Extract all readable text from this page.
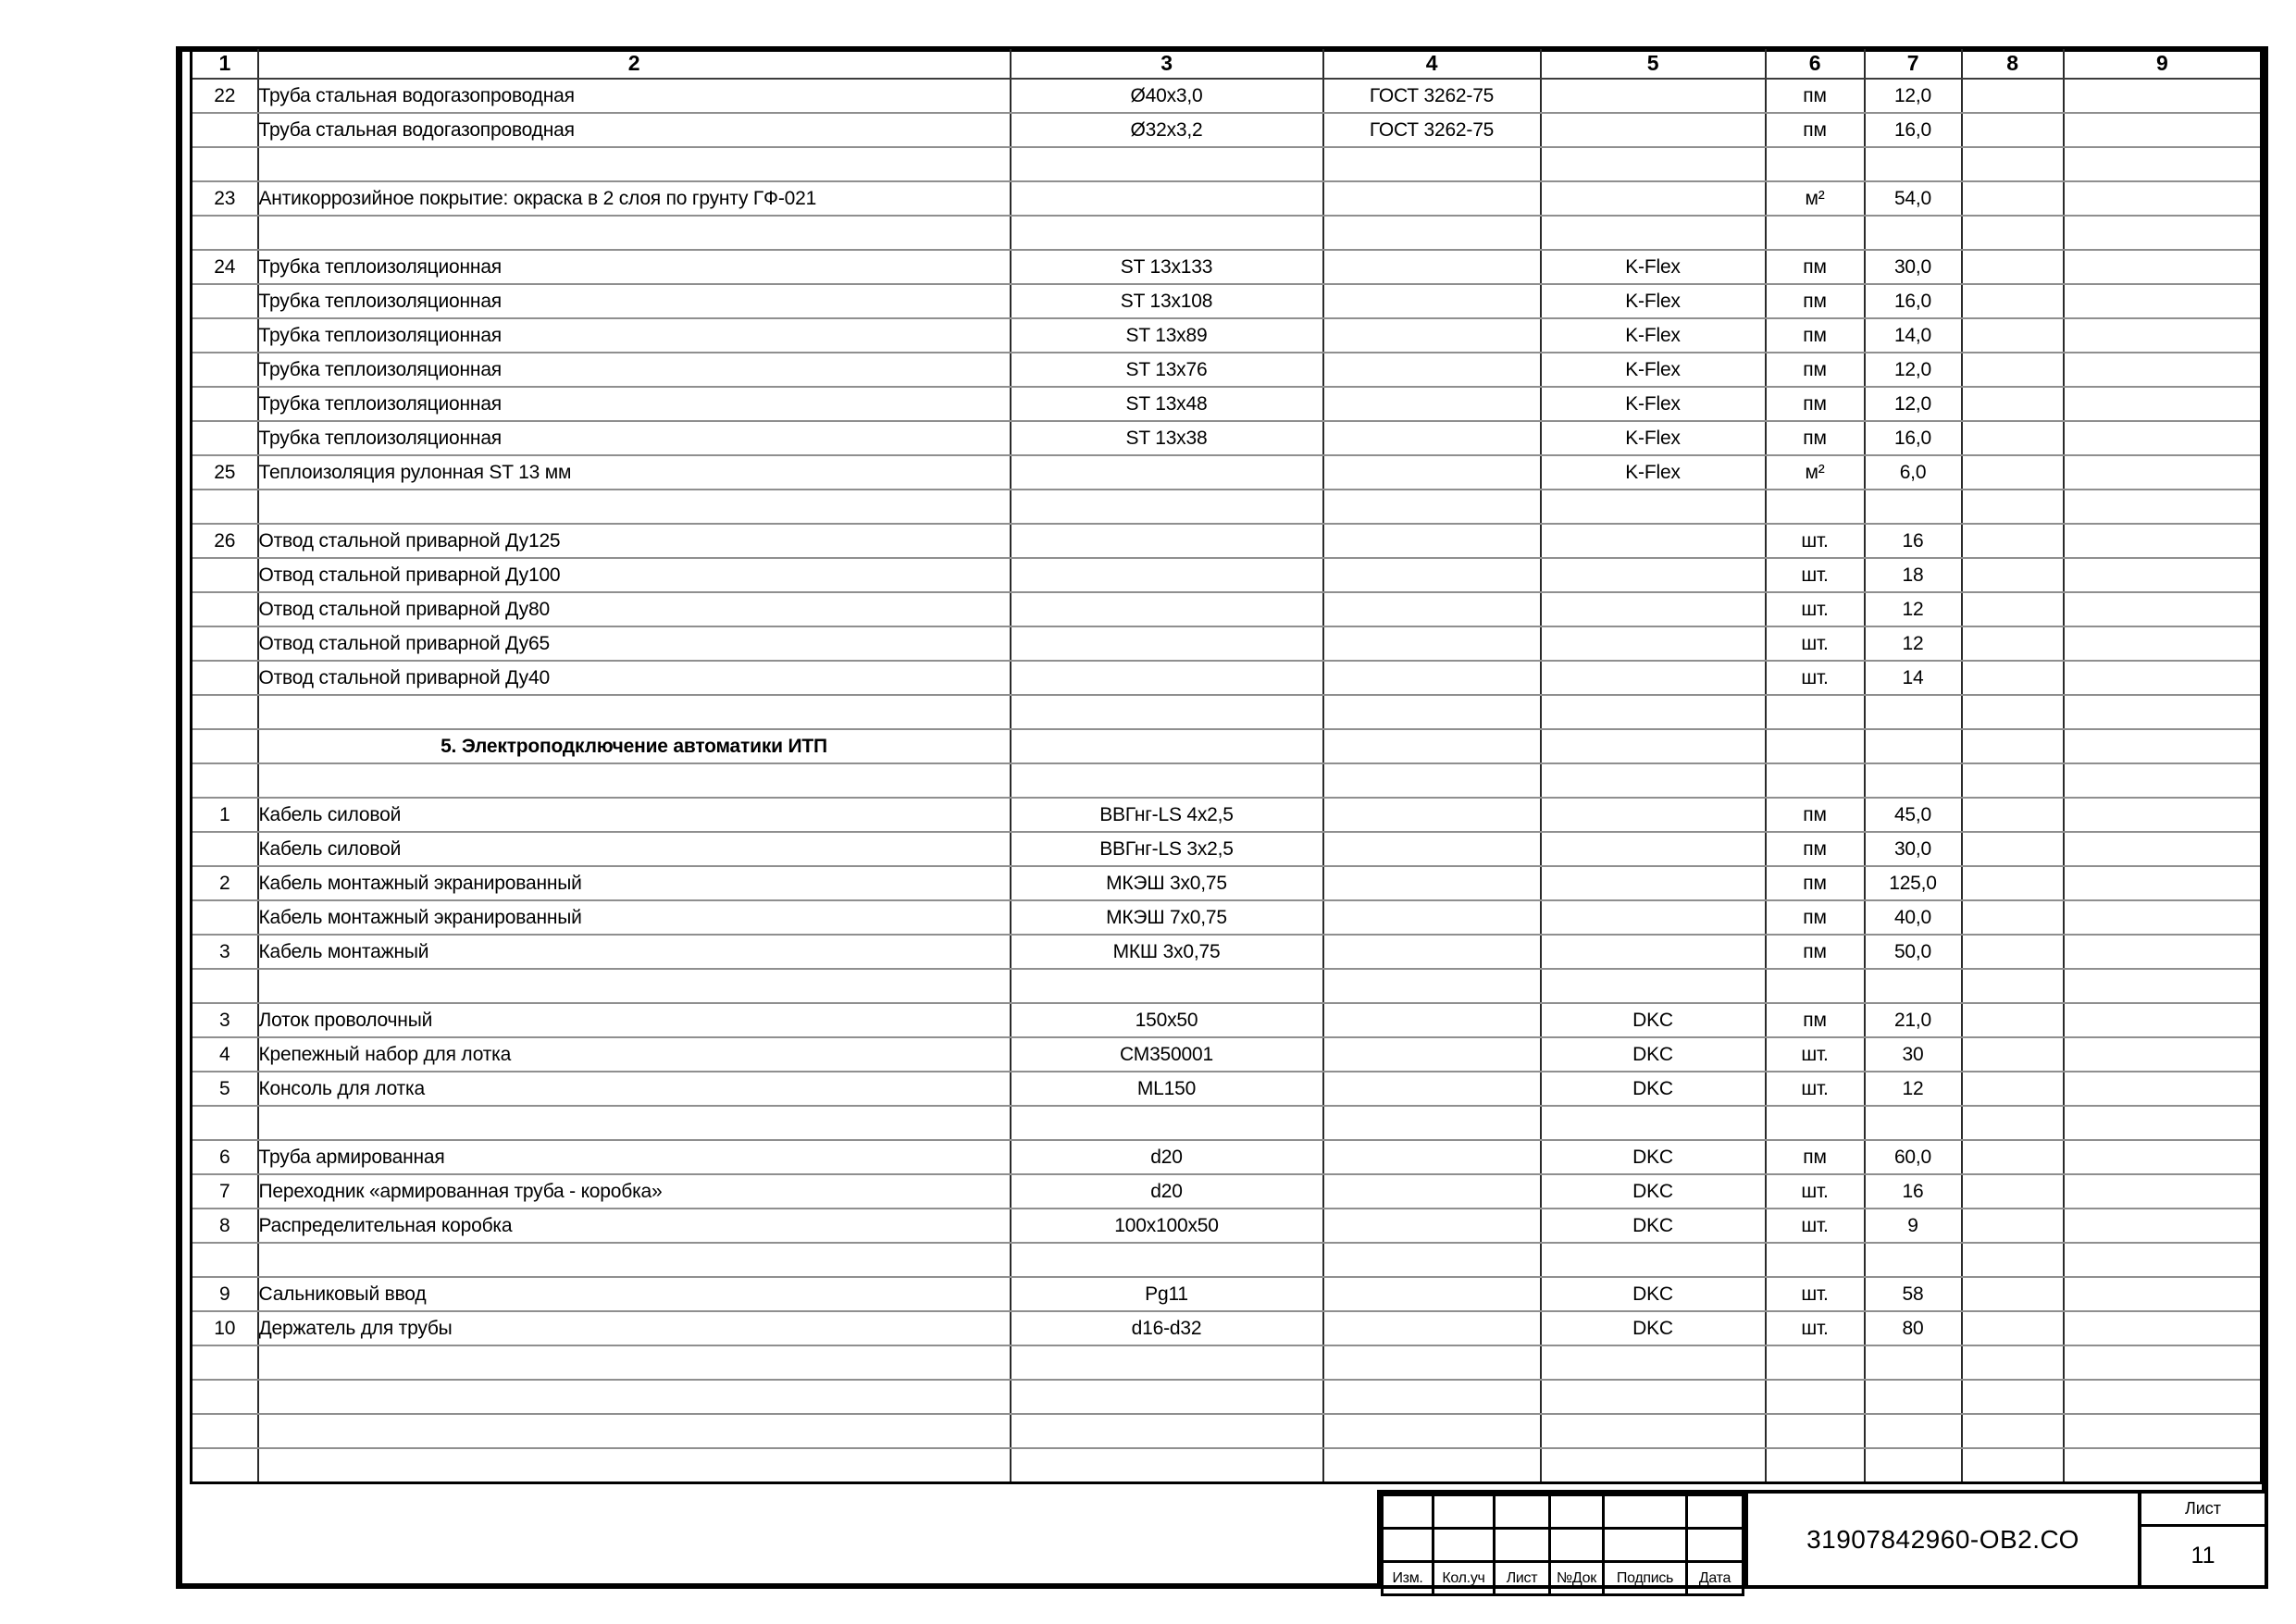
1	2	3	4	5	6	7	8	9
22	Труба стальная водогазопроводная	Ø40x3,0	ГОСТ 3262-75		пм	12,0		
	Труба стальная водогазопроводная	Ø32x3,2	ГОСТ 3262-75		пм	16,0		

23	Антикоррозийное покрытие: окраска в 2 слоя по грунту ГФ-021				м²	54,0		

24	Трубка теплоизоляционная	ST 13x133		K-Flex	пм	30,0		
	Трубка теплоизоляционная	ST 13x108		K-Flex	пм	16,0		
	Трубка теплоизоляционная	ST 13x89		K-Flex	пм	14,0		
	Трубка теплоизоляционная	ST 13x76		K-Flex	пм	12,0		
	Трубка теплоизоляционная	ST 13x48		K-Flex	пм	12,0		
	Трубка теплоизоляционная	ST 13x38		K-Flex	пм	16,0		
25	Теплоизоляция рулонная ST 13 мм			K-Flex	м²	6,0		

26	Отвод стальной приварной Ду125				шт.	16		
	Отвод стальной приварной Ду100				шт.	18		
	Отвод стальной приварной Ду80				шт.	12		
	Отвод стальной приварной Ду65				шт.	12		
	Отвод стальной приварной Ду40				шт.	14		

	5. Электроподключение автоматики ИТП							

1	Кабель силовой	ВВГнг-LS 4x2,5			пм	45,0		
	Кабель силовой	ВВГнг-LS 3x2,5			пм	30,0		
2	Кабель монтажный экранированный	МКЭШ 3x0,75			пм	125,0		
	Кабель монтажный экранированный	МКЭШ 7x0,75			пм	40,0		
3	Кабель монтажный	МКШ 3x0,75			пм	50,0		

3	Лоток проволочный	150x50		DKC	пм	21,0		
4	Крепежный набор для лотка	СМ350001		DKC	шт.	30		
5	Консоль для лотка	ML150		DKC	шт.	12		

6	Труба армированная	d20		DKC	пм	60,0		
7	Переходник «армированная труба - коробка»	d20		DKC	шт.	16		
8	Распределительная коробка	100x100x50		DKC	шт.	9		

9	Сальниковый ввод	Pg11		DKC	шт.	58		
10	Держатель для трубы	d16-d32		DKC	шт.	80		

Изм.	Кол.уч	Лист	№Док	Подпись	Дата
31907842960-ОВ2.СО
Лист
11
